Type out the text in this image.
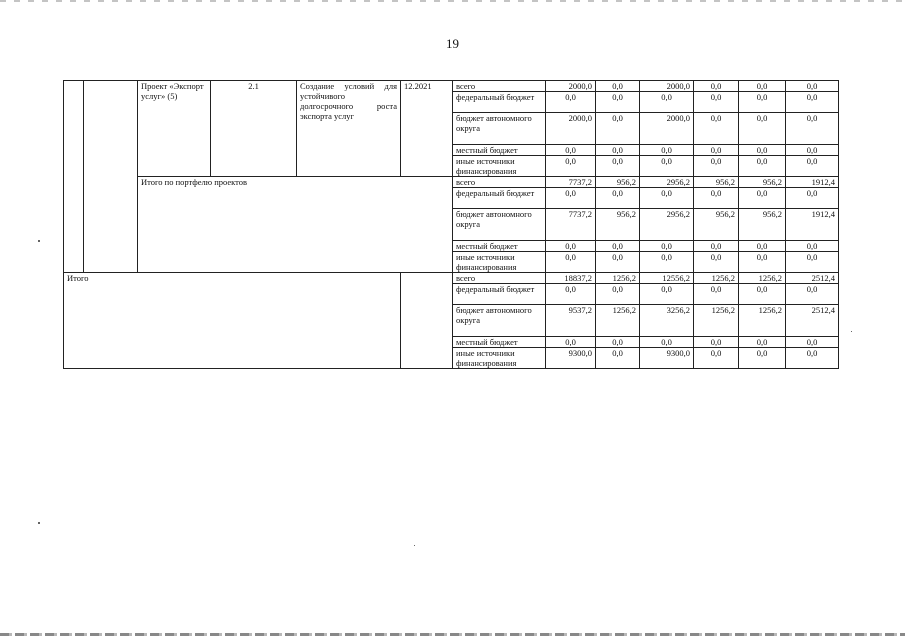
19
		Проект «Экспорт услуг» (5)	2.1	Создание условий для устойчивого долгосрочного роста экспорта услуг	12.2021	всего	2000,0	0,0	2000,0	0,0	0,0	0,0
						федеральный бюджет	0,0	0,0	0,0	0,0	0,0	0,0
						бюджет автономного округа	2000,0	0,0	2000,0	0,0	0,0	0,0
						местный бюджет	0,0	0,0	0,0	0,0	0,0	0,0
						иные источники финансирования	0,0	0,0	0,0	0,0	0,0	0,0
		Итого по портфелю проектов				всего	7737,2	956,2	2956,2	956,2	956,2	1912,4
						федеральный бюджет	0,0	0,0	0,0	0,0	0,0	0,0
						бюджет автономного округа	7737,2	956,2	2956,2	956,2	956,2	1912,4
						местный бюджет	0,0	0,0	0,0	0,0	0,0	0,0
						иные источники финансирования	0,0	0,0	0,0	0,0	0,0	0,0
Итого						всего	18837,2	1256,2	12556,2	1256,2	1256,2	2512,4
						федеральный бюджет	0,0	0,0	0,0	0,0	0,0	0,0
						бюджет автономного округа	9537,2	1256,2	3256,2	1256,2	1256,2	2512,4
						местный бюджет	0,0	0,0	0,0	0,0	0,0	0,0
						иные источники финансирования	9300,0	0,0	9300,0	0,0	0,0	0,0
